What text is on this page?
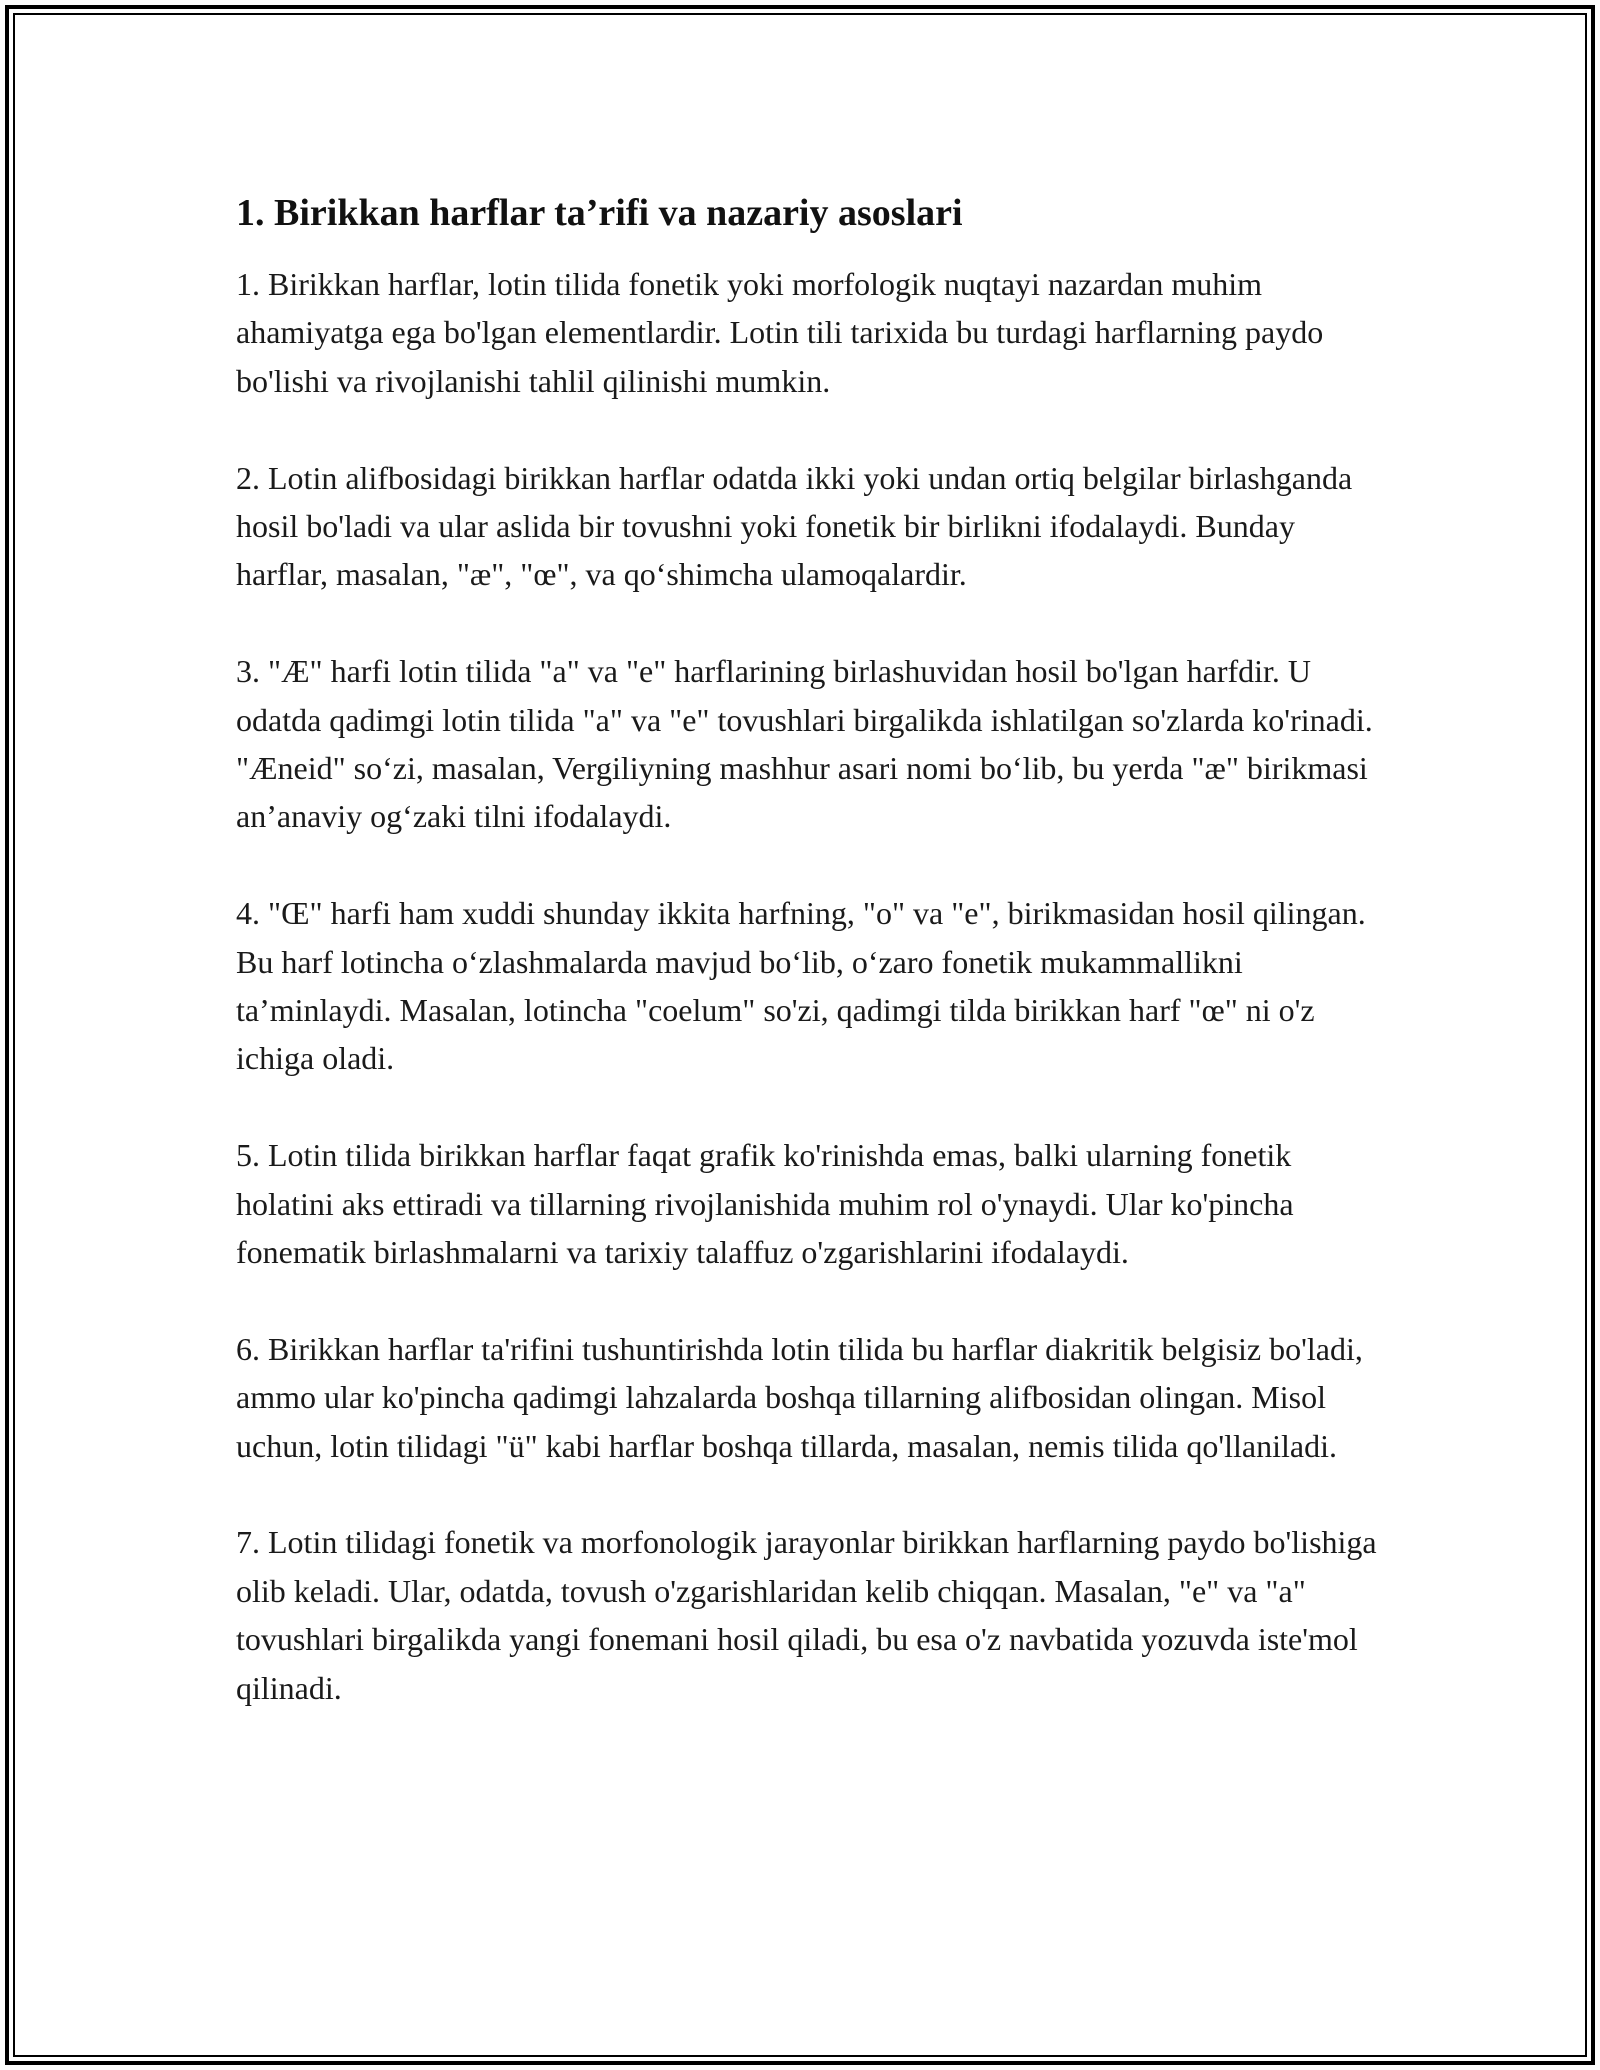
1. Birikkan harflar ta’rifi va nazariy asoslari

1. Birikkan harflar, lotin tilida fonetik yoki morfologik nuqtayi nazardan muhim ahamiyatga ega bo'lgan elementlardir. Lotin tili tarixida bu turdagi harflarning paydo bo'lishi va rivojlanishi tahlil qilinishi mumkin.

2. Lotin alifbosidagi birikkan harflar odatda ikki yoki undan ortiq belgilar birlashganda hosil bo'ladi va ular aslida bir tovushni yoki fonetik bir birlikni ifodalaydi. Bunday harflar, masalan, "æ", "œ", va qo‘shimcha ulamoqalardir.

3. "Æ" harfi lotin tilida "a" va "e" harflarining birlashuvidan hosil bo'lgan harfdir. U odatda qadimgi lotin tilida "a" va "e" tovushlari birgalikda ishlatilgan so'zlarda ko'rinadi. "Æneid" so‘zi, masalan, Vergiliyning mashhur asari nomi bo‘lib, bu yerda "æ" birikmasi an’anaviy og‘zaki tilni ifodalaydi.

4. "Œ" harfi ham xuddi shunday ikkita harfning, "o" va "e", birikmasidan hosil qilingan. Bu harf lotincha o‘zlashmalarda mavjud bo‘lib, o‘zaro fonetik mukammallikni ta’minlaydi. Masalan, lotincha "coelum" so'zi, qadimgi tilda birikkan harf "œ" ni o'z ichiga oladi.

5. Lotin tilida birikkan harflar faqat grafik ko'rinishda emas, balki ularning fonetik holatini aks ettiradi va tillarning rivojlanishida muhim rol o'ynaydi. Ular ko'pincha fonematik birlashmalarni va tarixiy talaffuz o'zgarishlarini ifodalaydi.

6. Birikkan harflar ta'rifini tushuntirishda lotin tilida bu harflar diakritik belgisiz bo'ladi, ammo ular ko'pincha qadimgi lahzalarda boshqa tillarning alifbosidan olingan. Misol uchun, lotin tilidagi "ü" kabi harflar boshqa tillarda, masalan, nemis tilida qo'llaniladi.

7. Lotin tilidagi fonetik va morfonologik jarayonlar birikkan harflarning paydo bo'lishiga olib keladi. Ular, odatda, tovush o'zgarishlaridan kelib chiqqan. Masalan, "e" va "a" tovushlari birgalikda yangi fonemani hosil qiladi, bu esa o'z navbatida yozuvda iste'mol qilinadi.
